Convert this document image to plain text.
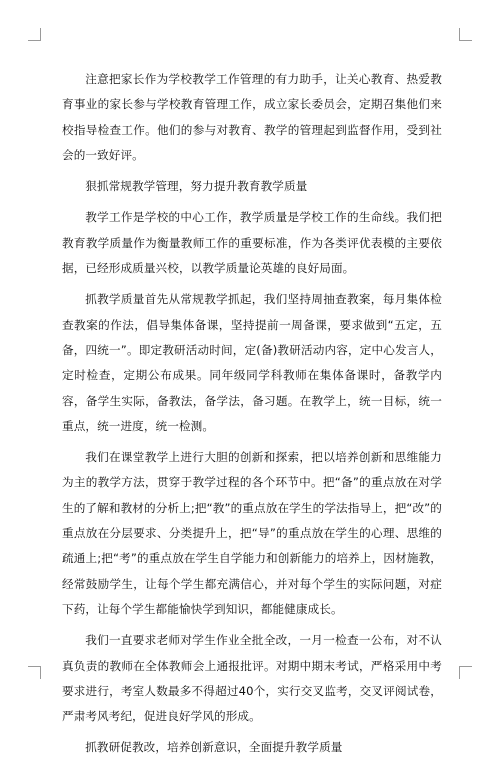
注意把家长作为学校教学工作管理的有力助手，让关心教育、热爱教育事业的家长参与学校教育管理工作，成立家长委员会，定期召集他们来校指导检查工作。他们的参与对教育、教学的管理起到监督作用，受到社会的一致好评。

狠抓常规教学管理，努力提升教育教学质量

教学工作是学校的中心工作，教学质量是学校工作的生命线。我们把教育教学质量作为衡量教师工作的重要标准，作为各类评优表模的主要依据，已经形成质量兴校，以教学质量论英雄的良好局面。

抓教学质量首先从常规教学抓起，我们坚持周抽查教案，每月集体检查教案的作法，倡导集体备课，坚持提前一周备课，要求做到“五定，五备，四统一”。即定教研活动时间，定(备)教研活动内容，定中心发言人，定时检查，定期公布成果。同年级同学科教师在集体备课时，备教学内容，备学生实际，备教法，备学法，备习题。在教学上，统一目标，统一重点，统一进度，统一检测。

我们在课堂教学上进行大胆的创新和探索，把以培养创新和思维能力为主的教学方法，贯穿于教学过程的各个环节中。把“备”的重点放在对学生的了解和教材的分析上;把“教”的重点放在学生的学法指导上，把“改”的重点放在分层要求、分类提升上，把“导”的重点放在学生的心理、思维的疏通上;把“考”的重点放在学生自学能力和创新能力的培养上，因材施教，经常鼓励学生，让每个学生都充满信心，并对每个学生的实际问题，对症下药，让每个学生都能愉快学到知识，都能健康成长。

我们一直要求老师对学生作业全批全改，一月一检查一公布，对不认真负责的教师在全体教师会上通报批评。对期中期末考试，严格采用中考要求进行，考室人数最多不得超过40个，实行交叉监考，交叉评阅试卷，严肃考风考纪，促进良好学风的形成。

抓教研促教改，培养创新意识，全面提升教学质量
